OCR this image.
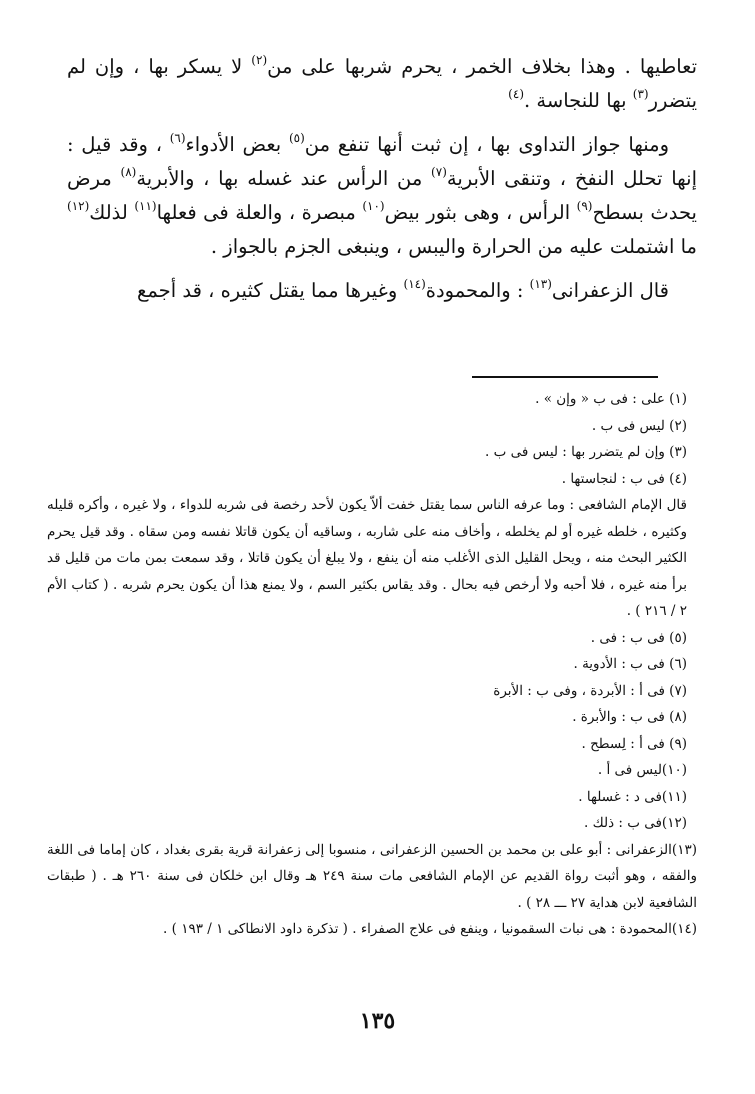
تعاطيها . وهذا بخلاف الخمر ، يحرم شربها على من$^{(٢)}$ لا يسكر بها ، وإن لم يتضرر$^{(٣)}$ بها للنجاسة .$^{(٤)}$

ومنها جواز التداوى بها ، إن ثبت أنها تنفع من$^{(٥)}$ بعض الأدواء$^{(٦)}$ ، وقد قيل : إنها تحلل النفخ ، وتنقى الأبرية$^{(٧)}$ من الرأس عند غسله بها ، والأبرية$^{(٨)}$ مرض يحدث بسطح$^{(٩)}$ الرأس ، وهى بثور بيض$^{(١٠)}$ مبصرة ، والعلة فى فعلها$^{(١١)}$ لذلك$^{(١٢)}$ ما اشتملت عليه من الحرارة واليبس ، وينبغى الجزم بالجواز .

قال الزعفرانى$^{(١٣)}$ : والمحمودة$^{(١٤)}$ وغيرها مما يقتل كثيره ، قد أجمع

(١) على : فى ب « وإن » .
(٢) ليس فى ب .
(٣) وإن لم يتضرر بها : ليس فى ب .
(٤) فى ب : لنجاستها .
قال الإمام الشافعى : وما عرفه الناس سما يقتل خفت ألاّ يكون لأحد رخصة فى شربه للدواء ، ولا غيره ، وأكره قليله وكثيره ، خلطه غيره أو لم يخلطه ، وأخاف منه على شاربه ، وساقيه أن يكون قاتلا نفسه ومن سقاه . وقد قيل يحرم الكثير البحث منه ، ويحل القليل الذى الأغلب منه أن ينفع ، ولا يبلغ أن يكون قاتلا ، وقد سمعت بمن مات من قليل قد برأ منه غيره ، فلا أحبه ولا أرخص فيه بحال . وقد يقاس بكثير السم ، ولا يمنع هذا أن يكون يحرم شربه . ( كتاب الأم ٢ / ٢١٦ ) .
(٥) فى ب : فى .
(٦) فى ب : الأدوية .
(٧) فى أ : الأبردة ، وفى ب : الأبرة
(٨) فى ب : والأبرة .
(٩) فى أ : لِسطح .
(١٠)ليس فى أ .
(١١)فى د : غسلها .
(١٢)فى ب : ذلك .
(١٣)الزعفرانى : أبو على بن محمد بن الحسين الزعفرانى ، منسوبا إلى زعفرانة قرية بقرى بغداد ، كان إماما فى اللغة والفقه ، وهو أثبت رواة القديم عن الإمام الشافعى مات سنة ٢٤٩ هـ وقال ابن خلكان فى سنة ٢٦٠ هـ . ( طبقات الشافعية لابن هداية ٢٧ ـــ ٢٨ ) .
(١٤)المحمودة : هى نبات السقمونيا ، وينفع فى علاج الصفراء . ( تذكرة داود الانطاكى ١ / ١٩٣ ) .
١٣٥
